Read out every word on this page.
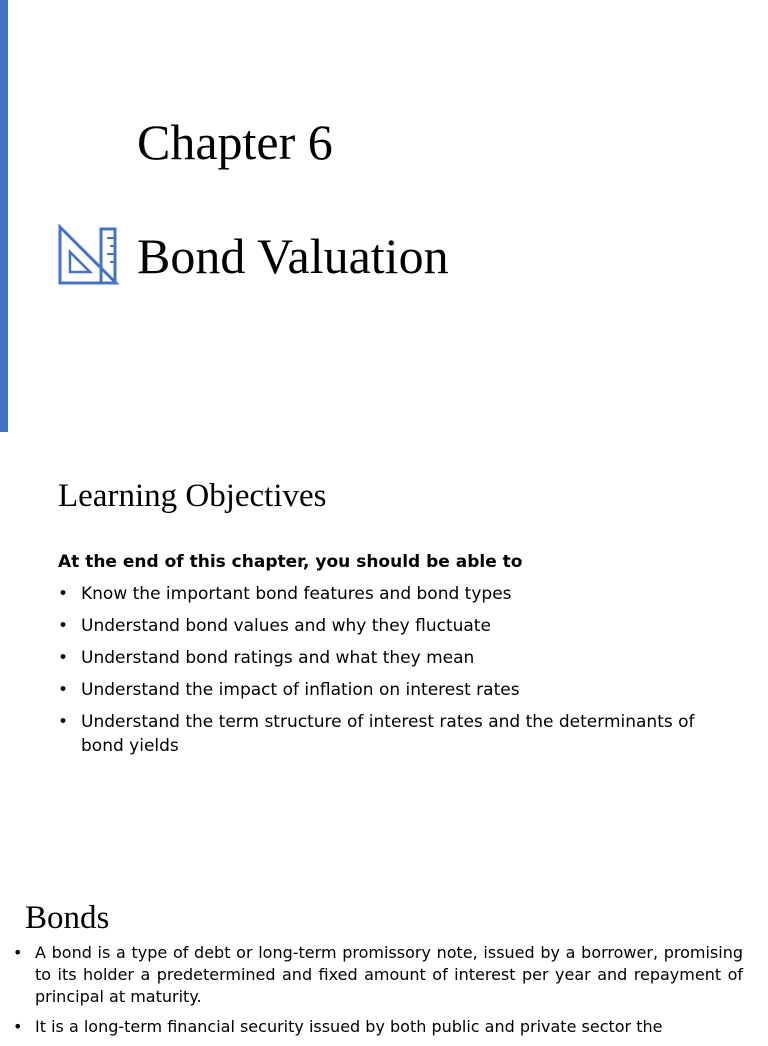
Chapter 6
Bond Valuation
Learning Objectives
At the end of this chapter, you should be able to
• Know the important bond features and bond types
• Understand bond values and why they fluctuate
• Understand bond ratings and what they mean
• Understand the impact of inflation on interest rates
• Understand the term structure of interest rates and the determinants of bond yields
Bonds
• A bond is a type of debt or long-term promissory note, issued by a borrower, promising to its holder a predetermined and fixed amount of interest per year and repayment of principal at maturity.
• It is a long-term financial security issued by both public and private sector the
